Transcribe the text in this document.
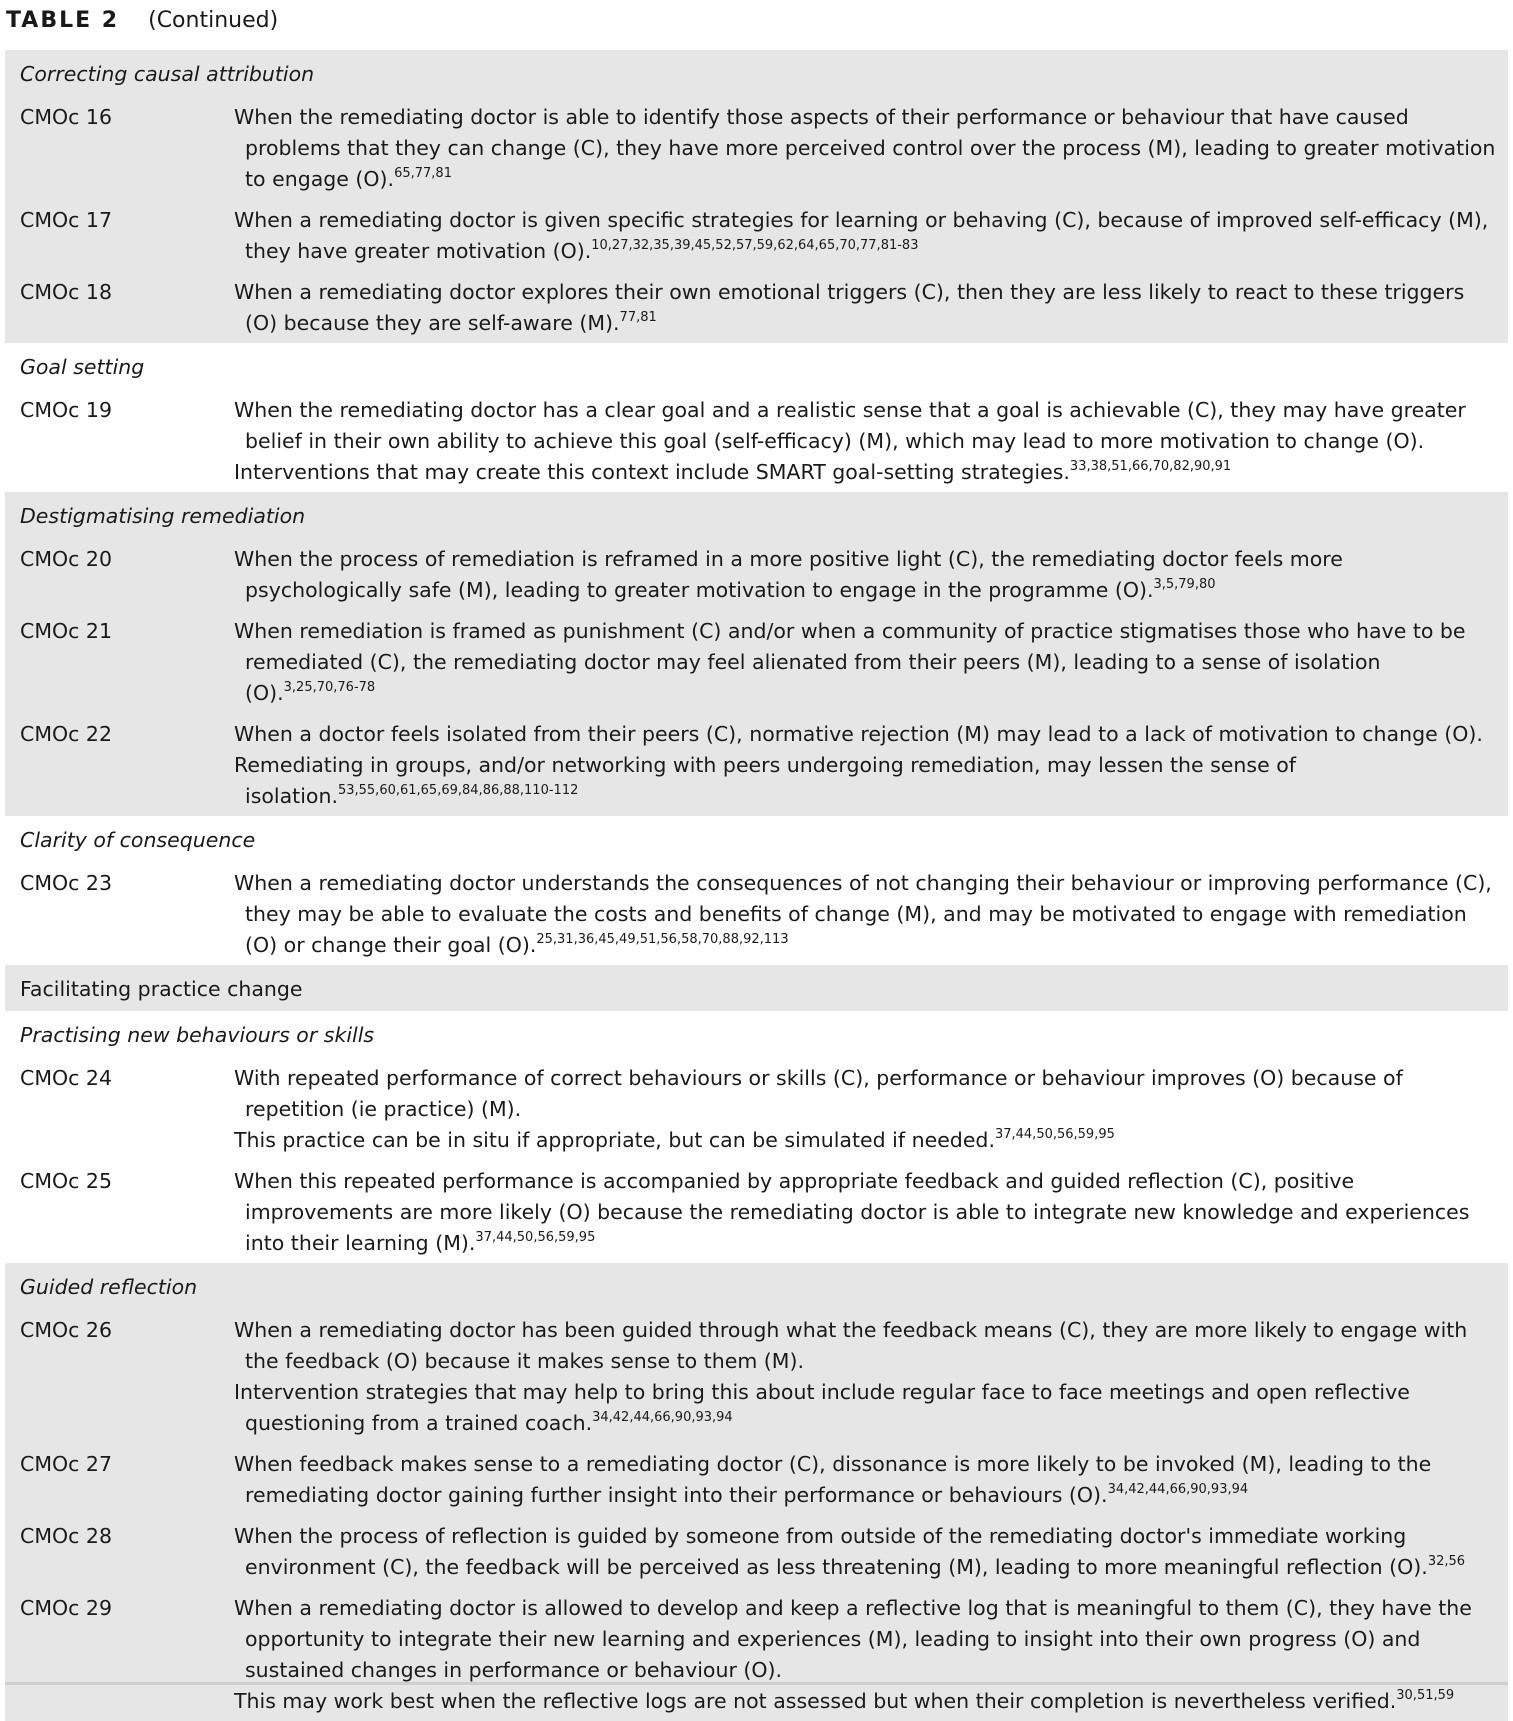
TABLE 2 (Continued)
Correcting causal attribution
CMOc 16	When the remediating doctor is able to identify those aspects of their performance or behaviour that have caused problems that they can change (C), they have more perceived control over the process (M), leading to greater motivation to engage (O).$^{65,77,81}$
CMOc 17	When a remediating doctor is given specific strategies for learning or behaving (C), because of improved self-efficacy (M), they have greater motivation (O).$^{10,27,32,35,39,45,52,57,59,62,64,65,70,77,81-83}$
CMOc 18	When a remediating doctor explores their own emotional triggers (C), then they are less likely to react to these triggers (O) because they are self-aware (M).$^{77,81}$
Goal setting
CMOc 19	When the remediating doctor has a clear goal and a realistic sense that a goal is achievable (C), they may have greater belief in their own ability to achieve this goal (self-efficacy) (M), which may lead to more motivation to change (O).
Interventions that may create this context include SMART goal-setting strategies.$^{33,38,51,66,70,82,90,91}$
Destigmatising remediation
CMOc 20	When the process of remediation is reframed in a more positive light (C), the remediating doctor feels more psychologically safe (M), leading to greater motivation to engage in the programme (O).$^{3,5,79,80}$
CMOc 21	When remediation is framed as punishment (C) and/or when a community of practice stigmatises those who have to be remediated (C), the remediating doctor may feel alienated from their peers (M), leading to a sense of isolation (O).$^{3,25,70,76-78}$
CMOc 22	When a doctor feels isolated from their peers (C), normative rejection (M) may lead to a lack of motivation to change (O).
Remediating in groups, and/or networking with peers undergoing remediation, may lessen the sense of isolation.$^{53,55,60,61,65,69,84,86,88,110-112}$
Clarity of consequence
CMOc 23	When a remediating doctor understands the consequences of not changing their behaviour or improving performance (C), they may be able to evaluate the costs and benefits of change (M), and may be motivated to engage with remediation (O) or change their goal (O).$^{25,31,36,45,49,51,56,58,70,88,92,113}$
Facilitating practice change
Practising new behaviours or skills
CMOc 24	With repeated performance of correct behaviours or skills (C), performance or behaviour improves (O) because of repetition (ie practice) (M).
This practice can be in situ if appropriate, but can be simulated if needed.$^{37,44,50,56,59,95}$
CMOc 25	When this repeated performance is accompanied by appropriate feedback and guided reflection (C), positive improvements are more likely (O) because the remediating doctor is able to integrate new knowledge and experiences into their learning (M).$^{37,44,50,56,59,95}$
Guided reflection
CMOc 26	When a remediating doctor has been guided through what the feedback means (C), they are more likely to engage with the feedback (O) because it makes sense to them (M).
Intervention strategies that may help to bring this about include regular face to face meetings and open reflective questioning from a trained coach.$^{34,42,44,66,90,93,94}$
CMOc 27	When feedback makes sense to a remediating doctor (C), dissonance is more likely to be invoked (M), leading to the remediating doctor gaining further insight into their performance or behaviours (O).$^{34,42,44,66,90,93,94}$
CMOc 28	When the process of reflection is guided by someone from outside of the remediating doctor's immediate working environment (C), the feedback will be perceived as less threatening (M), leading to more meaningful reflection (O).$^{32,56}$
CMOc 29	When a remediating doctor is allowed to develop and keep a reflective log that is meaningful to them (C), they have the opportunity to integrate their new learning and experiences (M), leading to insight into their own progress (O) and sustained changes in performance or behaviour (O).
This may work best when the reflective logs are not assessed but when their completion is nevertheless verified.$^{30,51,59}$
